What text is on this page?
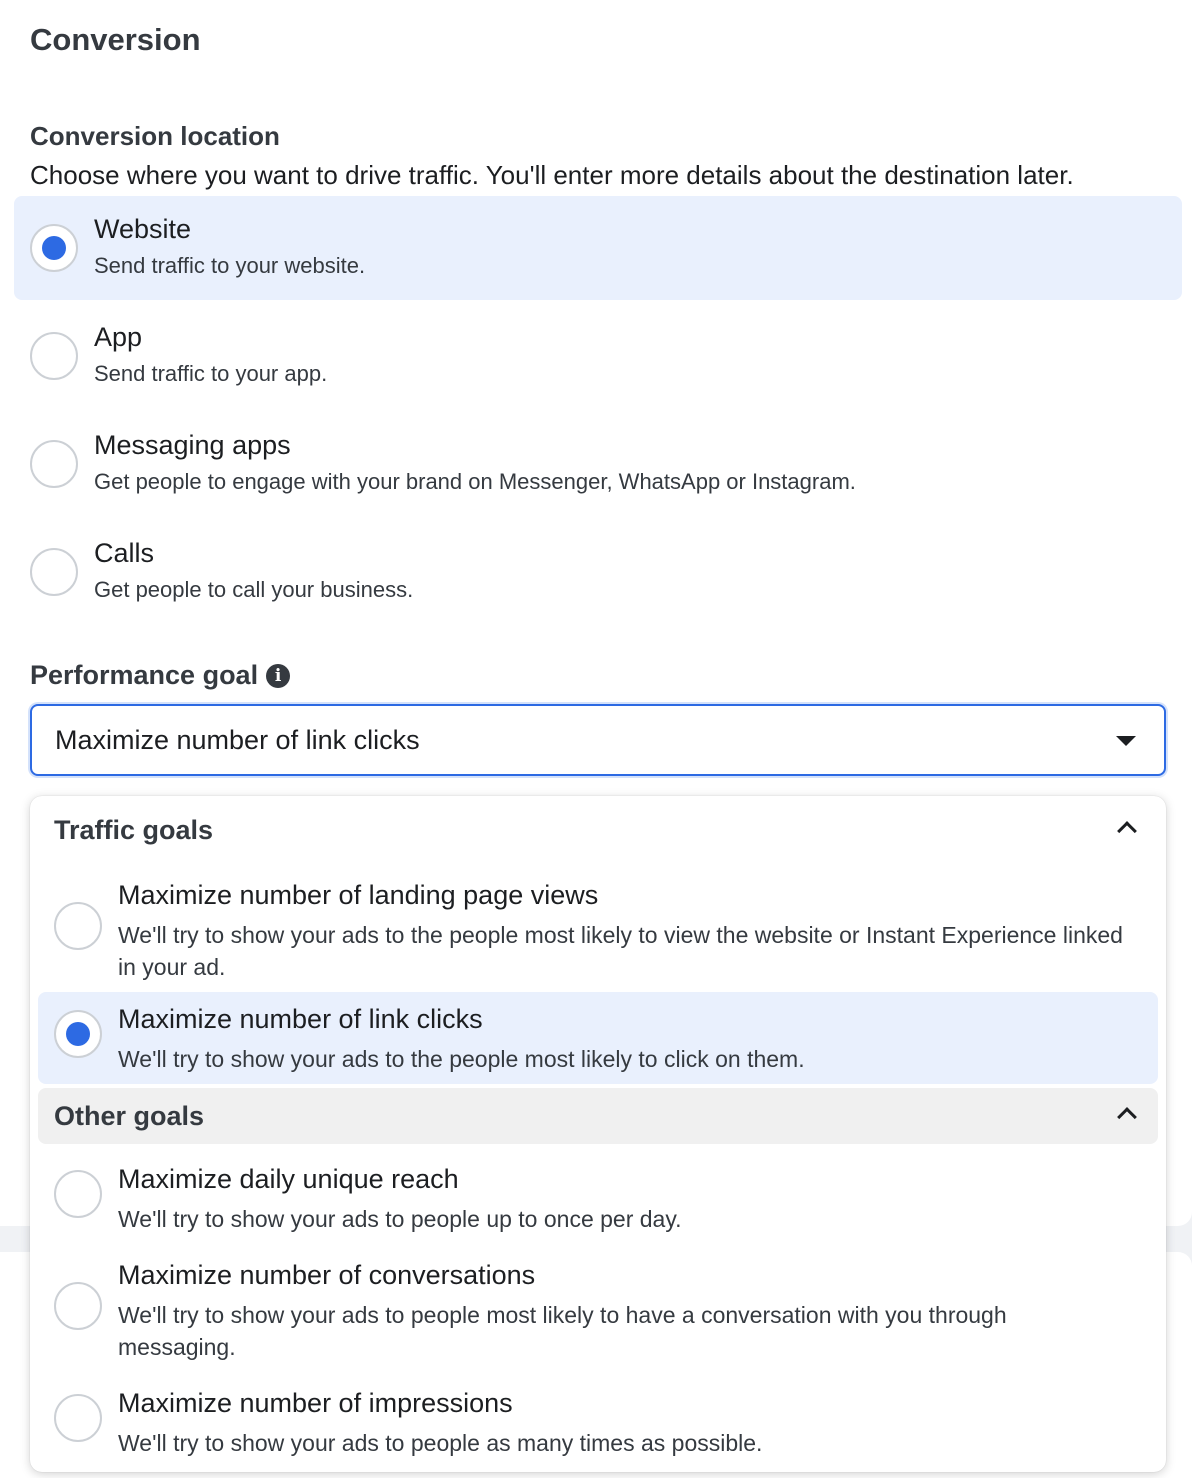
Conversion
Conversion location
Choose where you want to drive traffic. You'll enter more details about the destination later.
Website
Send traffic to your website.
App
Send traffic to your app.
Messaging apps
Get people to engage with your brand on Messenger, WhatsApp or Instagram.
Calls
Get people to call your business.
Performance goal i
Maximize number of link clicks
Traffic goals
Maximize number of landing page views
We'll try to show your ads to the people most likely to view the website or Instant Experience linked in your ad.
Maximize number of link clicks
We'll try to show your ads to the people most likely to click on them.
Other goals
Maximize daily unique reach
We'll try to show your ads to people up to once per day.
Maximize number of conversations
We'll try to show your ads to people most likely to have a conversation with you through messaging.
Maximize number of impressions
We'll try to show your ads to people as many times as possible.
